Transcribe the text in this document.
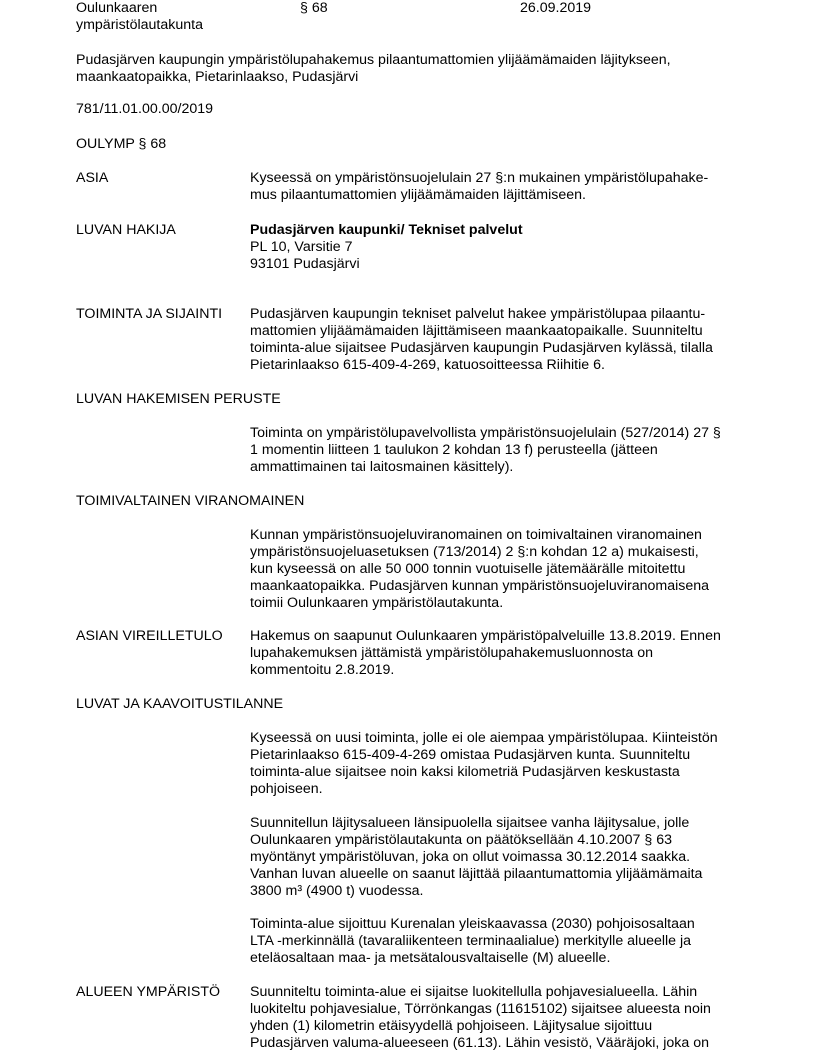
Oulunkaaren
ympäristölautakunta
§ 68	26.09.2019
Pudasjärven kaupungin ympäristölupahakemus pilaantumattomien ylijäämämaiden läjitykseen,
maankaatopaikka, Pietarinlaakso, Pudasjärvi
781/11.01.00.00/2019
OULYMP § 68
ASIA	Kyseessä on ympäristönsuojelulain 27 §:n mukainen ympäristölupahake-
mus pilaantumattomien ylijäämämaiden läjittämiseen.
LUVAN HAKIJA	Pudasjärven kaupunki/ Tekniset palvelut
PL 10, Varsitie 7
93101 Pudasjärvi
TOIMINTA JA SIJAINTI Pudasjärven kaupungin tekniset palvelut hakee ympäristölupaa pilaantu-
mattomien ylijäämämaiden läjittämiseen maankaatopaikalle. Suunniteltu
toiminta-alue sijaitsee Pudasjärven kaupungin Pudasjärven kylässä, tilalla
Pietarinlaakso 615-409-4-269, katuosoitteessa Riihitie 6.
LUVAN HAKEMISEN PERUSTE
Toiminta on ympäristölupavelvollista ympäristönsuojelulain (527/2014) 27 §
1 momentin liitteen 1 taulukon 2 kohdan 13 f) perusteella (jätteen
ammattimainen tai laitosmainen käsittely).
TOIMIVALTAINEN VIRANOMAINEN
Kunnan ympäristönsuojeluviranomainen on toimivaltainen viranomainen
ympäristönsuojeluasetuksen (713/2014) 2 §:n kohdan 12 a) mukaisesti,
kun kyseessä on alle 50 000 tonnin vuotuiselle jätemäärälle mitoitettu
maankaatopaikka. Pudasjärven kunnan ympäristönsuojeluviranomaisena
toimii Oulunkaaren ympäristölautakunta.
ASIAN VIREILLETULO Hakemus on saapunut Oulunkaaren ympäristöpalveluille 13.8.2019. Ennen
lupahakemuksen jättämistä ympäristölupahakemusluonnosta on
kommentoitu 2.8.2019.
LUVAT JA KAAVOITUSTILANNE
Kyseessä on uusi toiminta, jolle ei ole aiempaa ympäristölupaa. Kiinteistön
Pietarinlaakso 615-409-4-269 omistaa Pudasjärven kunta. Suunniteltu
toiminta-alue sijaitsee noin kaksi kilometriä Pudasjärven keskustasta
pohjoiseen.
Suunnitellun läjitysalueen länsipuolella sijaitsee vanha läjitysalue, jolle
Oulunkaaren ympäristölautakunta on päätöksellään 4.10.2007 § 63
myöntänyt ympäristöluvan, joka on ollut voimassa 30.12.2014 saakka.
Vanhan luvan alueelle on saanut läjittää pilaantumattomia ylijäämämaita
3800 m³ (4900 t) vuodessa.
Toiminta-alue sijoittuu Kurenalan yleiskaavassa (2030) pohjoisosaltaan
LTA -merkinnällä (tavaraliikenteen terminaalialue) merkitylle alueelle ja
eteläosaltaan maa- ja metsätalousvaltaiselle (M) alueelle.
ALUEEN YMPÄRISTÖ Suunniteltu toiminta-alue ei sijaitse luokitellulla pohjavesialueella. Lähin
luokiteltu pohjavesialue, Törrönkangas (11615102) sijaitsee alueesta noin
yhden (1) kilometrin etäisyydellä pohjoiseen. Läjitysalue sijoittuu
Pudasjärven valuma-alueeseen (61.13). Lähin vesistö, Vääräjoki, joka on
